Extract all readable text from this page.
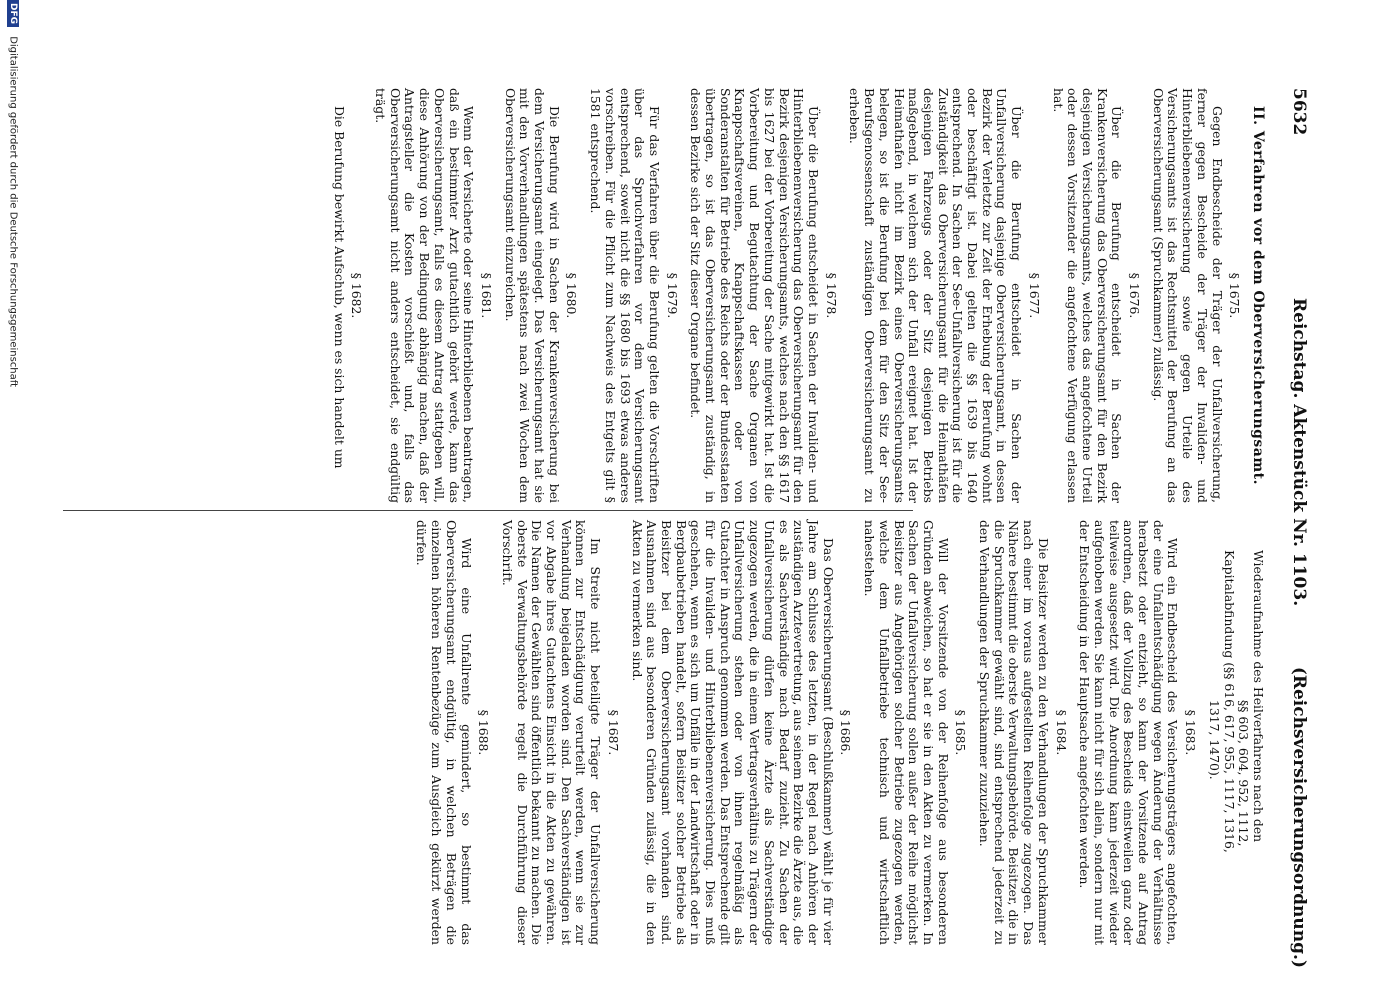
5632
Reichstag. Aktenstück Nr. 1103.
(Reichsversicherungsordnung.)
II. Verfahren vor dem Oberversicherungsamt.
§ 1675.

Gegen Endbescheide der Träger der Unfallversicherung, ferner gegen Bescheide der Träger der Invaliden- und Hinterbliebenenversicherung sowie gegen Urteile des Versicherungsamts ist das Rechtsmittel der Berufung an das Oberversicherungsamt (Spruchkammer) zulässig.

§ 1676.

Über die Berufung entscheidet in Sachen der Krankenversicherung das Oberversicherungsamt für den Bezirk desjenigen Versicherungsamts, welches das angefochtene Urteil oder dessen Vorsitzender die angefochtene Verfügung erlassen hat.

§ 1677.

Über die Berufung entscheidet in Sachen der Unfallversicherung dasjenige Oberversicherungsamt, in dessen Bezirk der Verletzte zur Zeit der Erhebung der Berufung wohnt oder beschäftigt ist. Dabei gelten die §§ 1639 bis 1640 entsprechend. In Sachen der See-Unfallversicherung ist für die Zuständigkeit das Oberversicherungsamt für die Heimathäfen desjenigen Fahrzeugs oder der Sitz desjenigen Betriebs maßgebend, in welchem sich der Unfall ereignet hat. Ist der Heimathafen nicht im Bezirk eines Oberversicherungsamts belegen, so ist die Berufung bei dem für den Sitz der See-Berufsgenossenschaft zuständigen Oberversicherungsamt zu erheben.

§ 1678.

Über die Berufung entscheidet in Sachen der Invaliden- und Hinterbliebenenversicherung das Oberversicherungsamt für den Bezirk desjenigen Versicherungsamts, welches nach den §§ 1617 bis 1627 bei der Vorbereitung der Sache mitgewirkt hat. Ist die Vorbereitung und Begutachtung der Sache Organen von Knappschaftsvereinen, Knappschaftskassen oder von Sonderanstalten für Betriebe des Reichs oder der Bundesstaaten übertragen, so ist das Oberversicherungsamt zuständig, in dessen Bezirke sich der Sitz dieser Organe befindet.

§ 1679.

Für das Verfahren über die Berufung gelten die Vorschriften über das Spruchverfahren vor dem Versicherungsamt entsprechend, soweit nicht die §§ 1680 bis 1693 etwas anderes vorschreiben. Für die Pflicht zum Nachweis des Entgelts gilt § 1581 entsprechend.

§ 1680.

Die Berufung wird in Sachen der Krankenversicherung bei dem Versicherungsamt eingelegt. Das Versicherungsamt hat sie mit den Vorverhandlungen spätestens nach zwei Wochen dem Oberversicherungsamt einzureichen.

§ 1681.

Wenn der Versicherte oder seine Hinterbliebenen beantragen, daß ein bestimmter Arzt gutachtlich gehört werde, kann das Oberversicherungsamt, falls es diesem Antrag stattgeben will, diese Anhörung von der Bedingung abhängig machen, daß der Antragsteller die Kosten vorschießt und, falls das Oberversicherungsamt nicht anders entscheidet, sie endgültig trägt.

§ 1682.

Die Berufung bewirkt Aufschub, wenn es sich handelt um

Wiederaufnahme des Heilverfahrens nach den
§§ 603, 604, 952, 1112,
Kapitalabfindung (§§ 616, 617, 955, 1117, 1316,
1317, 1470).
§ 1683.

Wird ein Endbescheid des Versicherungsträgers angefochten, der eine Unfallentschädigung wegen Änderung der Verhältnisse herabsetzt oder entzieht, so kann der Vorsitzende auf Antrag anordnen, daß der Vollzug des Bescheids einstweilen ganz oder teilweise ausgesetzt wird. Die Anordnung kann jederzeit wieder aufgehoben werden. Sie kann nicht für sich allein, sondern nur mit der Entscheidung in der Hauptsache angefochten werden.

§ 1684.

Die Beisitzer werden zu den Verhandlungen der Spruchkammer nach einer im voraus aufgestellten Reihenfolge zugezogen. Das Nähere bestimmt die oberste Verwaltungsbehörde. Beisitzer, die in die Spruchkammer gewählt sind, sind entsprechend jederzeit zu den Verhandlungen der Spruchkammer zuzuziehen.

§ 1685.

Will der Vorsitzende von der Reihenfolge aus besonderen Gründen abweichen, so hat er sie in den Akten zu vermerken. In Sachen der Unfallversicherung sollen außer der Reihe möglichst Beisitzer aus Angehörigen solcher Betriebe zugezogen werden, welche dem Unfallbetriebe technisch und wirtschaftlich nahestehen.

§ 1686.

Das Oberversicherungsamt (Beschlußkammer) wählt je für vier Jahre am Schlusse des letzten, in der Regel nach Anhören der zuständigen Arztevertretung, aus seinem Bezirke die Ärzte aus, die es als Sachverständige nach Bedarf zuzieht. Zu Sachen der Unfallversicherung dürfen keine Ärzte als Sachverständige zugezogen werden, die in einem Vertragsverhältnis zu Trägern der Unfallversicherung stehen oder von ihnen regelmäßig als Gutachter in Anspruch genommen werden. Das Entsprechende gilt für die Invaliden- und Hinterbliebenenversicherung. Dies muß geschehen, wenn es sich um Unfälle in der Landwirtschaft oder in Bergbaubetrieben handelt, sofern Beisitzer solcher Betriebe als Beisitzer bei dem Oberversicherungsamt vorhanden sind. Ausnahmen sind aus besonderen Gründen zulässig, die in den Akten zu vermerken sind.

§ 1687.

Im Streite nicht beteiligte Träger der Unfallversicherung können zur Entschädigung verurteilt werden, wenn sie zur Verhandlung beigeladen worden sind. Den Sachverständigen ist vor Abgabe ihres Gutachtens Einsicht in die Akten zu gewähren. Die Namen der Gewählten sind öffentlich bekannt zu machen. Die oberste Verwaltungsbehörde regelt die Durchführung dieser Vorschrift.

§ 1688.

Wird eine Unfallrente gemindert, so bestimmt das Oberversicherungsamt endgültig, in welchen Beträgen die einzelnen höheren Rentenbezüge zum Ausgleich gekürzt werden dürfen.

DFG Digitalisierung gefördert durch die Deutsche Forschungsgemeinschaft
